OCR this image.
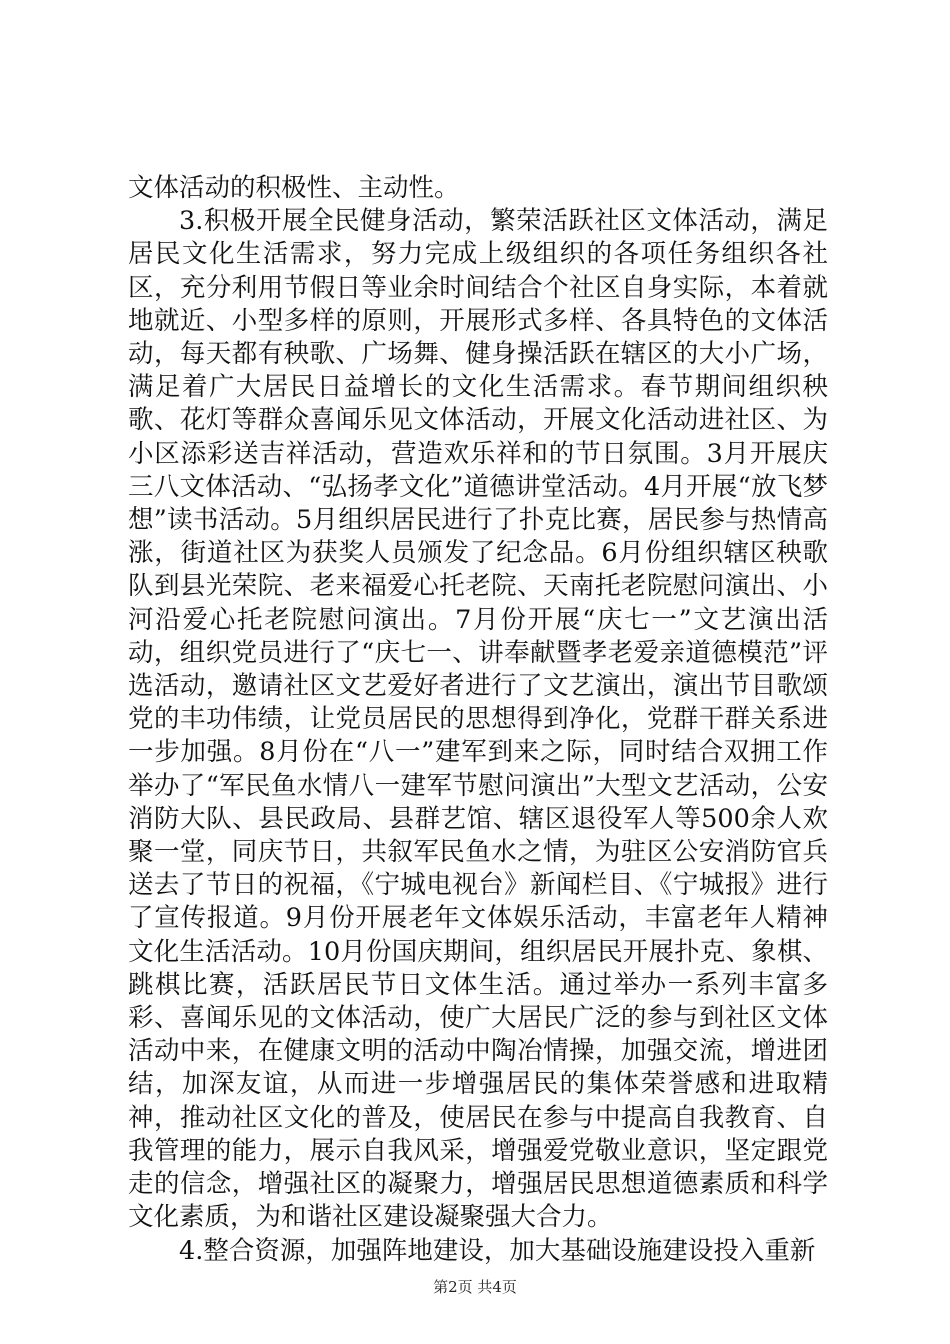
文体活动的积极性、主动性。

3.积极开展全民健身活动，繁荣活跃社区文体活动，满足居民文化生活需求，努力完成上级组织的各项任务组织各社区，充分利用节假日等业余时间结合个社区自身实际，本着就地就近、小型多样的原则，开展形式多样、各具特色的文体活动，每天都有秧歌、广场舞、健身操活跃在辖区的大小广场，满足着广大居民日益增长的文化生活需求。春节期间组织秧歌、花灯等群众喜闻乐见文体活动，开展文化活动进社区、为小区添彩送吉祥活动，营造欢乐祥和的节日氛围。3月开展庆三八文体活动、“弘扬孝文化”道德讲堂活动。4月开展“放飞梦想”读书活动。5月组织居民进行了扑克比赛，居民参与热情高涨，街道社区为获奖人员颁发了纪念品。6月份组织辖区秧歌队到县光荣院、老来福爱心托老院、天南托老院慰问演出、小河沿爱心托老院慰问演出。7月份开展“庆七一”文艺演出活动，组织党员进行了“庆七一、讲奉献暨孝老爱亲道德模范”评选活动，邀请社区文艺爱好者进行了文艺演出，演出节目歌颂党的丰功伟绩，让党员居民的思想得到净化，党群干群关系进一步加强。8月份在“八一”建军到来之际，同时结合双拥工作举办了“军民鱼水情八一建军节慰问演出”大型文艺活动，公安消防大队、县民政局、县群艺馆、辖区退役军人等500余人欢聚一堂，同庆节日，共叙军民鱼水之情，为驻区公安消防官兵送去了节日的祝福，《宁城电视台》新闻栏目、《宁城报》进行了宣传报道。9月份开展老年文体娱乐活动，丰富老年人精神文化生活活动。10月份国庆期间，组织居民开展扑克、象棋、跳棋比赛，活跃居民节日文体生活。通过举办一系列丰富多彩、喜闻乐见的文体活动，使广大居民广泛的参与到社区文体活动中来，在健康文明的活动中陶冶情操，加强交流，增进团结，加深友谊，从而进一步增强居民的集体荣誉感和进取精神，推动社区文化的普及，使居民在参与中提高自我教育、自我管理的能力，展示自我风采，增强爱党敬业意识，坚定跟党走的信念，增强社区的凝聚力，增强居民思想道德素质和科学文化素质，为和谐社区建设凝聚强大合力。

4.整合资源，加强阵地建设，加大基础设施建设投入重新

第2页 共4页
